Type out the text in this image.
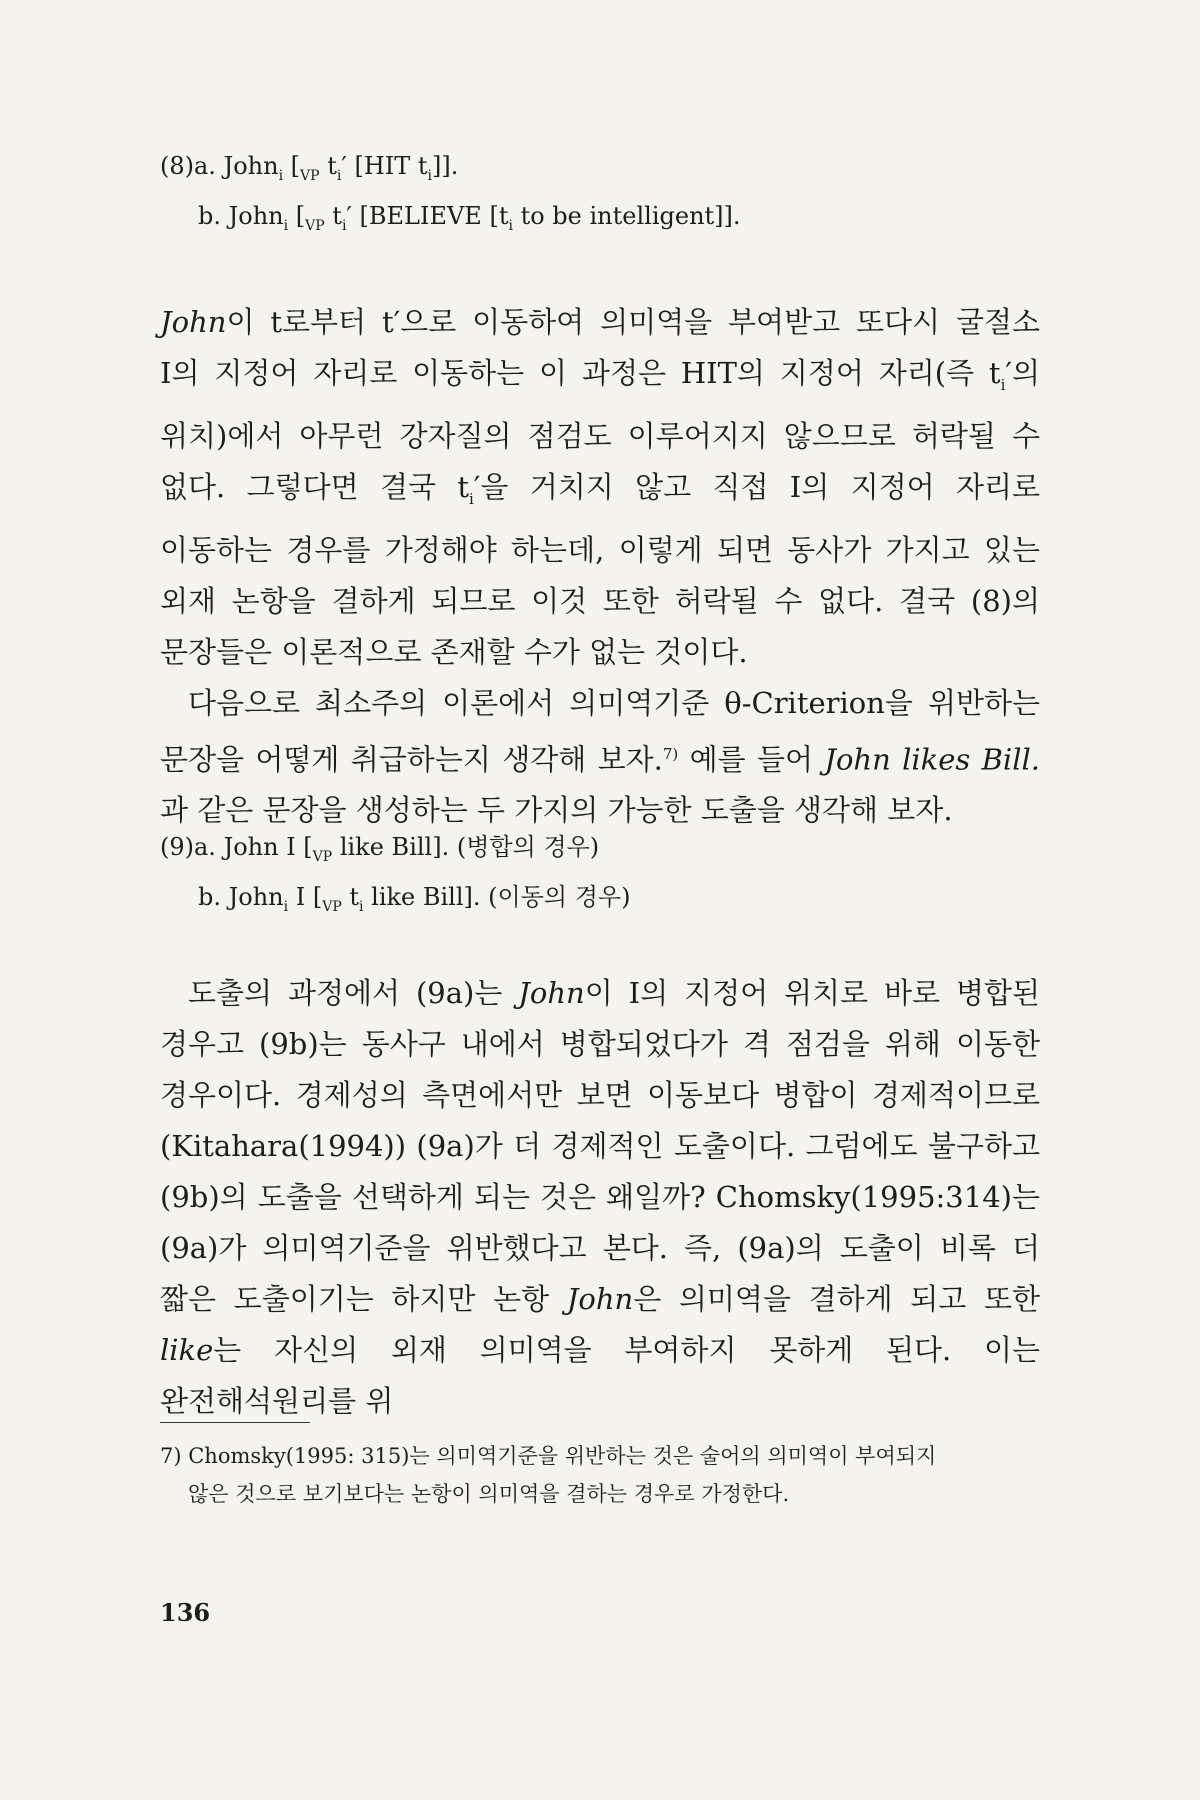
(8)a. John$_i$ [$_{VP}$ $t_i'$ [HIT $t_i$]].
b. John$_i$ [$_{VP}$ $t_i'$ [BELIEVE [$t_i$ to be intelligent]].

John이 t로부터 t′으로 이동하여 의미역을 부여받고 또다시 굴절소 I의 지정어 자리로 이동하는 이 과정은 HIT의 지정어 자리(즉 $t_i'$의 위치)에서 아무런 강자질의 점검도 이루어지지 않으므로 허락될 수 없다. 그렇다면 결국 $t_i'$을 거치지 않고 직접 I의 지정어 자리로 이동하는 경우를 가정해야 하는데, 이렇게 되면 동사가 가지고 있는 외재 논항을 결하게 되므로 이것 또한 허락될 수 없다. 결국 (8)의 문장들은 이론적으로 존재할 수가 없는 것이다.

다음으로 최소주의 이론에서 의미역기준 θ-Criterion을 위반하는 문장을 어떻게 취급하는지 생각해 보자.$^{7)}$ 예를 들어 John likes Bill.과 같은 문장을 생성하는 두 가지의 가능한 도출을 생각해 보자.

(9)a. John I [$_{VP}$ like Bill]. (병합의 경우)
b. John$_i$ I [$_{VP}$ $t_i$ like Bill]. (이동의 경우)

도출의 과정에서 (9a)는 John이 I의 지정어 위치로 바로 병합된 경우고 (9b)는 동사구 내에서 병합되었다가 격 점검을 위해 이동한 경우이다. 경제성의 측면에서만 보면 이동보다 병합이 경제적이므로 (Kitahara(1994)) (9a)가 더 경제적인 도출이다. 그럼에도 불구하고 (9b)의 도출을 선택하게 되는 것은 왜일까? Chomsky(1995:314)는 (9a)가 의미역기준을 위반했다고 본다. 즉, (9a)의 도출이 비록 더 짧은 도출이기는 하지만 논항 John은 의미역을 결하게 되고 또한 like는 자신의 외재 의미역을 부여하지 못하게 된다. 이는 완전해석원리를 위

7) Chomsky(1995: 315)는 의미역기준을 위반하는 것은 술어의 의미역이 부여되지
않은 것으로 보기보다는 논항이 의미역을 결하는 경우로 가정한다.
136
